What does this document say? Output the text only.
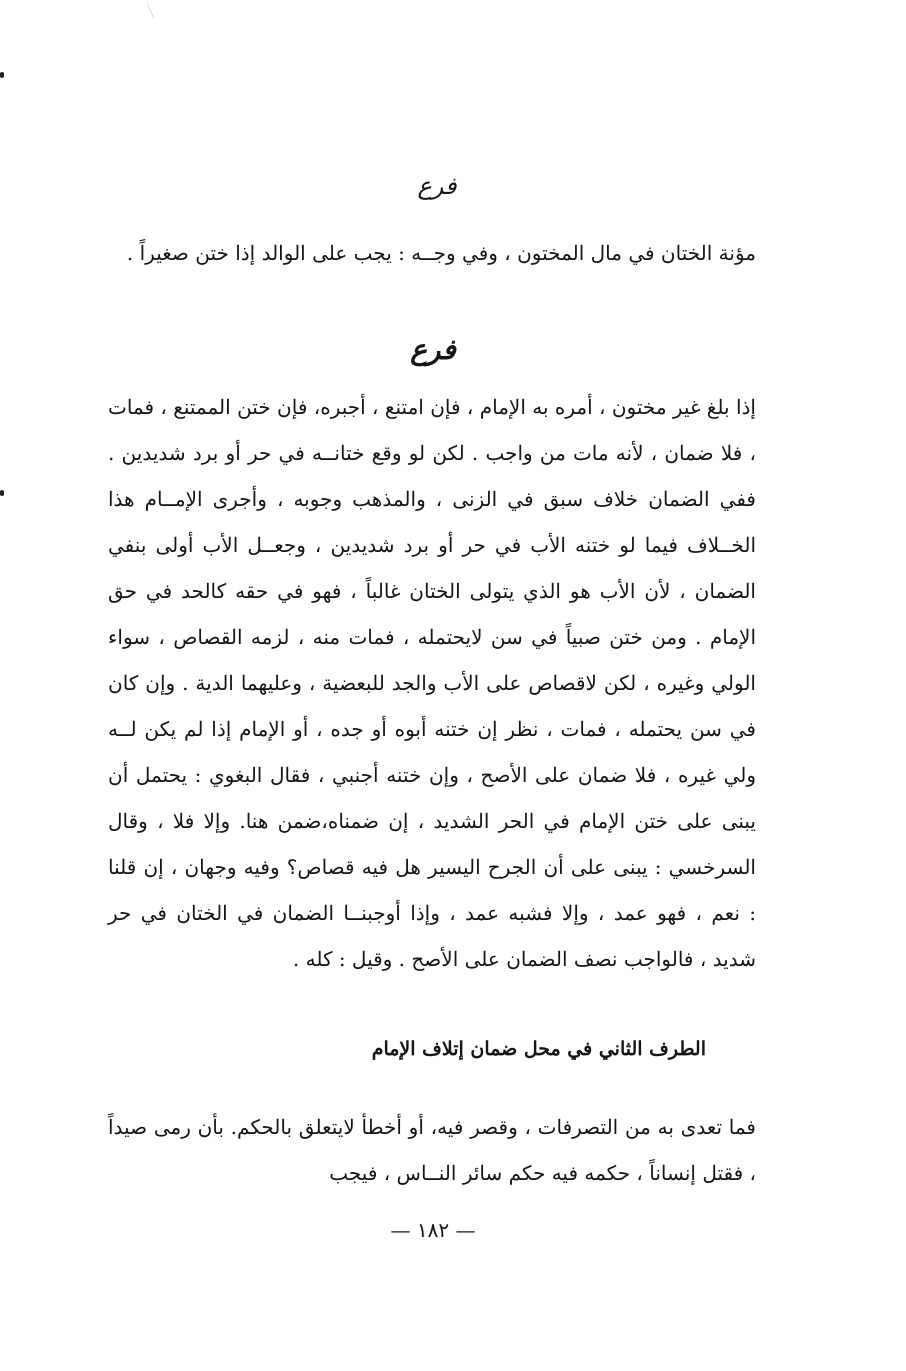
فرع
مؤنة الختان في مال المختون ، وفي وجــه : يجب على الوالد إذا ختن صغيراً .
فرع
إذا بلغ غير مختون ، أمره به الإمام ، فإن امتنع ، أجبره، فإن ختن الممتنع ، فمات ، فلا ضمان ، لأنه مات من واجب . لكن لو وقع ختانــه في حر أو برد شديدين . ففي الضمان خلاف سبق في الزنى ، والمذهب وجوبه ، وأجرى الإمــام هذا الخــلاف فيما لو ختنه الأب في حر أو برد شديدين ، وجعــل الأب أولى بنفي الضمان ، لأن الأب هو الذي يتولى الختان غالباً ، فهو في حقه كالحد في حق الإمام . ومن ختن صبياً في سن لايحتمله ، فمات منه ، لزمه القصاص ، سواء الولي وغيره ، لكن لاقصاص على الأب والجد للبعضية ، وعليهما الدية . وإن كان في سن يحتمله ، فمات ، نظر إن ختنه أبوه أو جده ، أو الإمام إذا لم يكن لــه ولي غيره ، فلا ضمان على الأصح ، وإن ختنه أجنبي ، فقال البغوي : يحتمل أن يبنى على ختن الإمام في الحر الشديد ، إن ضمناه،ضمن هنا. وإلا فلا ، وقال السرخسي : يبنى على أن الجرح اليسير هل فيه قصاص؟ وفيه وجهان ، إن قلنا : نعم ، فهو عمد ، وإلا فشبه عمد ، وإذا أوجبنــا الضمان في الختان في حر شديد ، فالواجب نصف الضمان على الأصح . وقيل : كله .
الطرف الثاني في محل ضمان إتلاف الإمام
فما تعدى به من التصرفات ، وقصر فيه، أو أخطأ لايتعلق بالحكم. بأن رمى صيداً ، فقتل إنساناً ، حكمه فيه حكم سائر النــاس ، فيجب
— ١٨٢ —
